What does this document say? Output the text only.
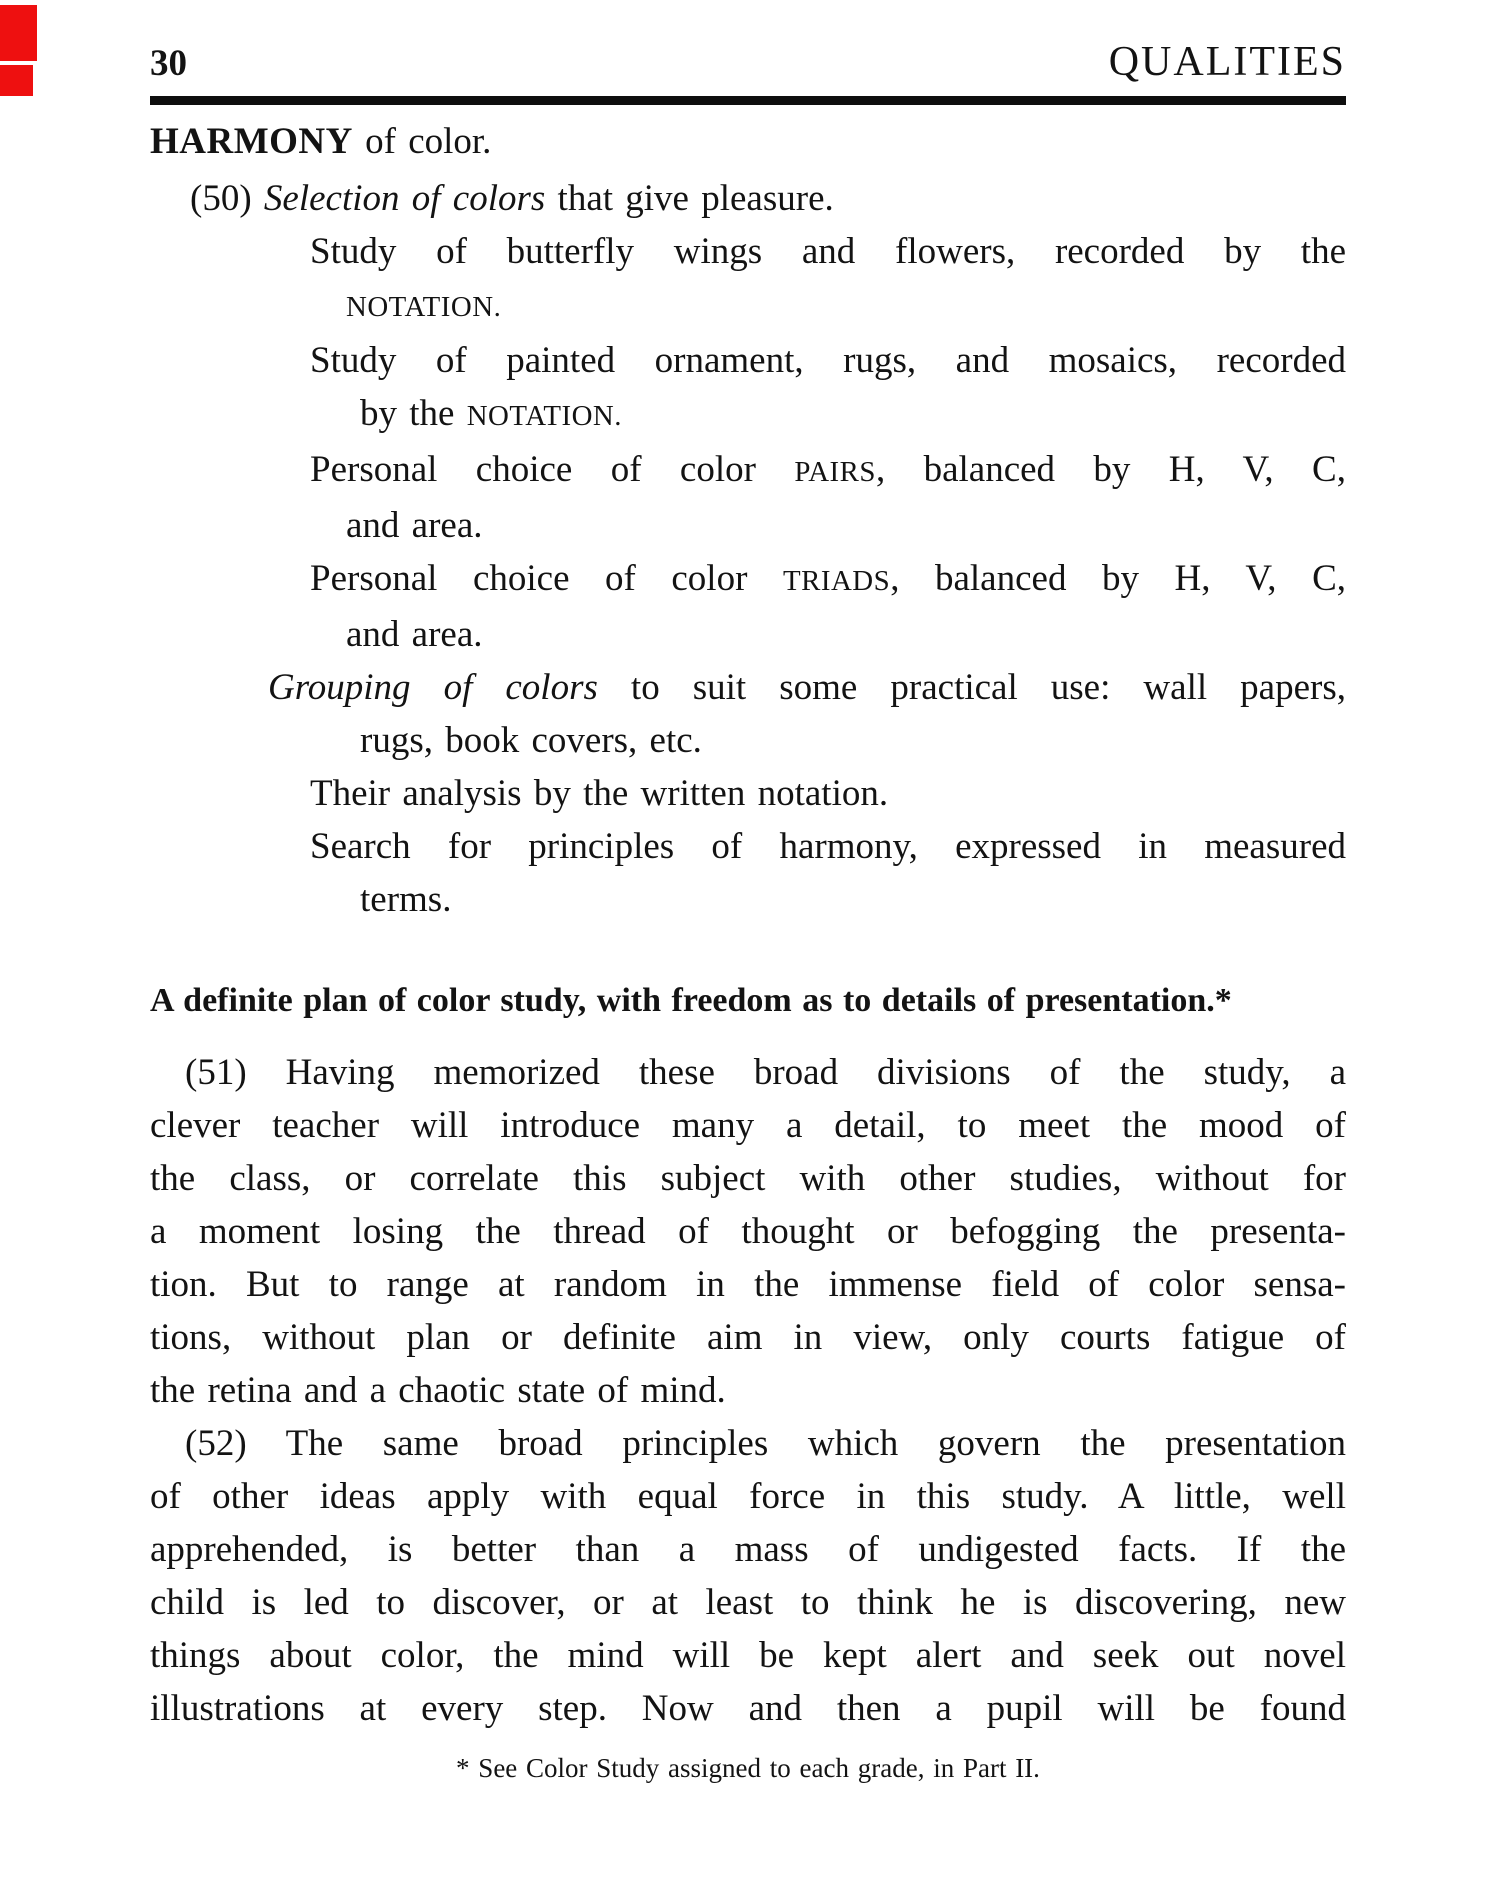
30	QUALITIES
HARMONY of color.
(50) Selection of colors that give pleasure.
Study of butterfly wings and flowers, recorded by the
NOTATION.
Study of painted ornament, rugs, and mosaics, recorded
by the NOTATION.
Personal choice of color PAIRS, balanced by H, V, C,
and area.
Personal choice of color TRIADS, balanced by H, V, C,
and area.
Grouping of colors to suit some practical use: wall papers,
rugs, book covers, etc.
Their analysis by the written notation.
Search for principles of harmony, expressed in measured
terms.
A definite plan of color study, with freedom as to details of presentation.*
(51) Having memorized these broad divisions of the study, a
clever teacher will introduce many a detail, to meet the mood of
the class, or correlate this subject with other studies, without for
a moment losing the thread of thought or befogging the presenta-
tion. But to range at random in the immense field of color sensa-
tions, without plan or definite aim in view, only courts fatigue of
the retina and a chaotic state of mind.
(52) The same broad principles which govern the presentation
of other ideas apply with equal force in this study. A little, well
apprehended, is better than a mass of undigested facts. If the
child is led to discover, or at least to think he is discovering, new
things about color, the mind will be kept alert and seek out novel
illustrations at every step. Now and then a pupil will be found
* See Color Study assigned to each grade, in Part II.
